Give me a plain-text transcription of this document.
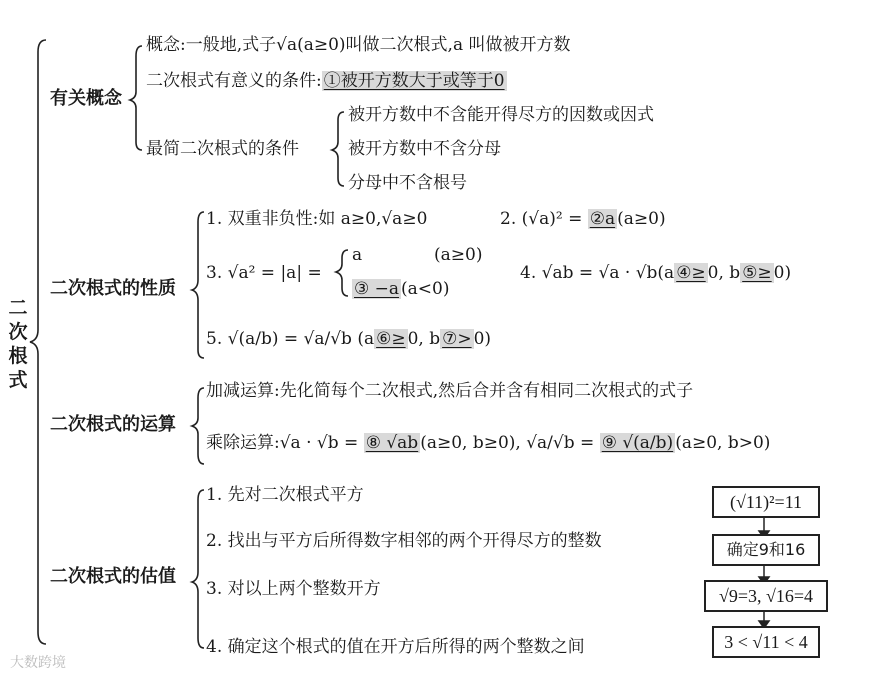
二次根式
有关概念
概念:一般地,式子√a(a≥0)叫做二次根式,a 叫做被开方数
二次根式有意义的条件: ①被开方数大于或等于0
最简二次根式的条件
被开方数中不含能开得尽方的因数或因式
被开方数中不含分母
分母中不含根号
二次根式的性质
1. 双重非负性:如 a≥0,√a≥0	2. (√a)² = ②a (a≥0)
3. √a² = |a| =
a	(a≥0)
③ −a (a<0)
4. √ab = √a · √b(a ④≥ 0, b ⑤≥ 0)
5. √(a/b) = √a/√b (a ⑥≥ 0, b ⑦> 0)
二次根式的运算
加减运算:先化简每个二次根式,然后合并含有相同二次根式的式子
乘除运算:√a · √b = ⑧ √ab (a≥0, b≥0), √a/√b = ⑨ √(a/b) (a≥0, b>0)
二次根式的估值
1. 先对二次根式平方
2. 找出与平方后所得数字相邻的两个开得尽方的整数
3. 对以上两个整数开方
4. 确定这个根式的值在开方后所得的两个整数之间
(√11)²=11
确定9和16
√9=3, √16=4
3 < √11 < 4
大数跨境
